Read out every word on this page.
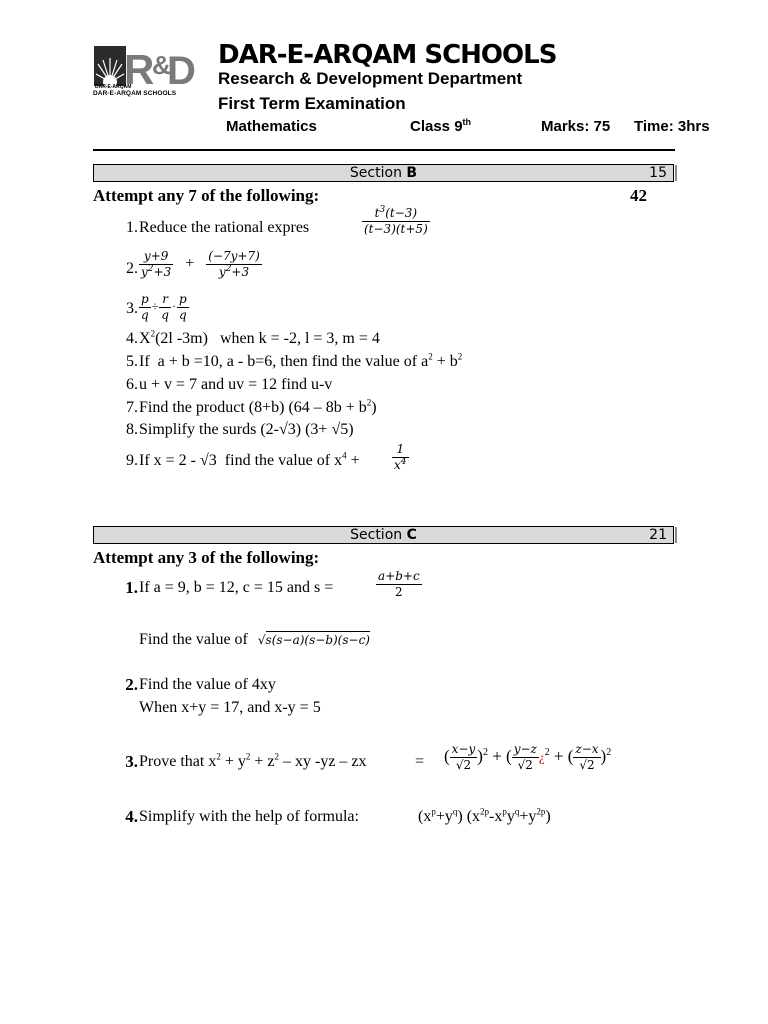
R &
D
DAR-E-ARQAM
DAR-E-ARQAM SCHOOLS
DAR-E-ARQAM SCHOOLS
Research & Development Department
First Term Examination
Mathematics	Class 9th	Marks: 75 Time: 3hrs
Section B	15
Attempt any 7 of the following:	42
1. Reduce the rational expres	$\frac{t^3(t-3)}{(t-3)(t+5)}$
2. $\frac{y+9}{y^2+3} + \frac{(-7y+7)}{y^2+3}$
3. $\frac{p}{q} \div \frac{r}{q} \cdot \frac{p}{q}$
4. $X^2(2l$ -3m)   when k = -2, l = 3, m = 4
5. If  a + b =10, a - b=6, then find the value of $a^2 + b^2$
6. u + v = 7 and uv = 12 find u-v
7. Find the product (8+b) $(64 - 8b + b^2)$
8. Simplify the surds (2-√3) (3+ √5)
9. If x = 2 - √3  find the value of $x^4$ +	$\frac{1}{x^4}$
Section C	21
Attempt any 3 of the following:
1. If a = 9, b = 12, c = 15 and s =	$\frac{a+b+c}{2}$
Find the value of √s(s−a)(s−b)(s−c)
2. Find the value of 4xy
When x+y = 17, and x-y = 5
3. Prove that $x^2 + y^2 + z^2$ – xy -yz – zx	= ( $\frac{x-y}{√2} )^2$ + ( $\frac{y-z}{√2}$ ¿$^2$ + ( $\frac{z-x}{√2} )^2$
4. Simplify with the help of formula:	$(x^p+y^q)$ $(x^{2p}-x^py^q+y^{2p})$
